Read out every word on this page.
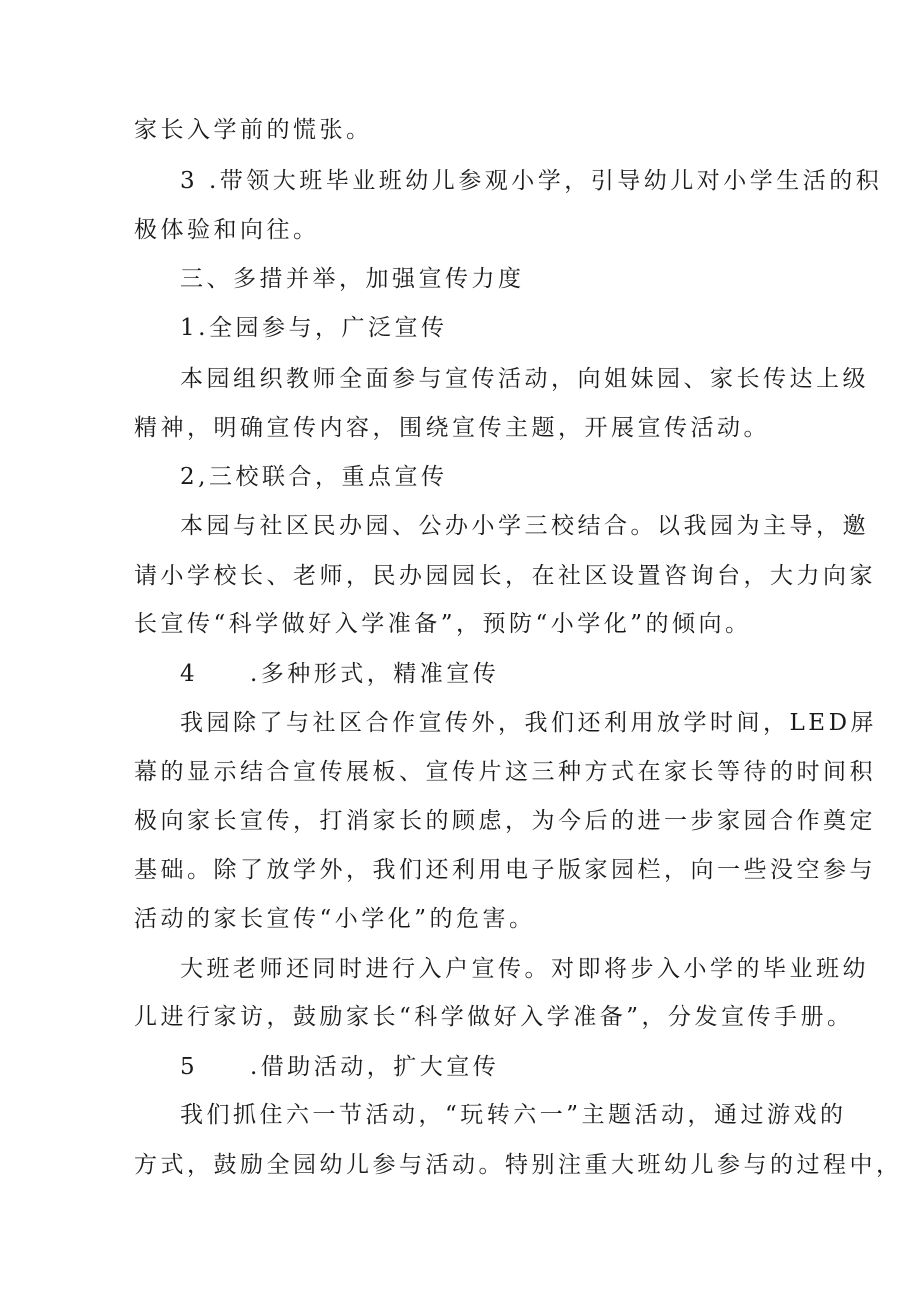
家长入学前的慌张。
3 .带领大班毕业班幼儿参观小学，引导幼儿对小学生活的积
极体验和向往。
三、多措并举，加强宣传力度
1.全园参与，广泛宣传
本园组织教师全面参与宣传活动，向姐妹园、家长传达上级
精神，明确宣传内容，围绕宣传主题，开展宣传活动。
2,三校联合，重点宣传
本园与社区民办园、公办小学三校结合。以我园为主导，邀
请小学校长、老师，民办园园长，在社区设置咨询台，大力向家
长宣传“科学做好入学准备”，预防“小学化”的倾向。
4 .多种形式，精准宣传
我园除了与社区合作宣传外，我们还利用放学时间，LED屏
幕的显示结合宣传展板、宣传片这三种方式在家长等待的时间积
极向家长宣传，打消家长的顾虑，为今后的进一步家园合作奠定
基础。除了放学外，我们还利用电子版家园栏，向一些没空参与
活动的家长宣传“小学化”的危害。
大班老师还同时进行入户宣传。对即将步入小学的毕业班幼
儿进行家访，鼓励家长“科学做好入学准备”，分发宣传手册。
5 .借助活动，扩大宣传
我们抓住六一节活动，“玩转六一”主题活动，通过游戏的
方式，鼓励全园幼儿参与活动。特别注重大班幼儿参与的过程中，
